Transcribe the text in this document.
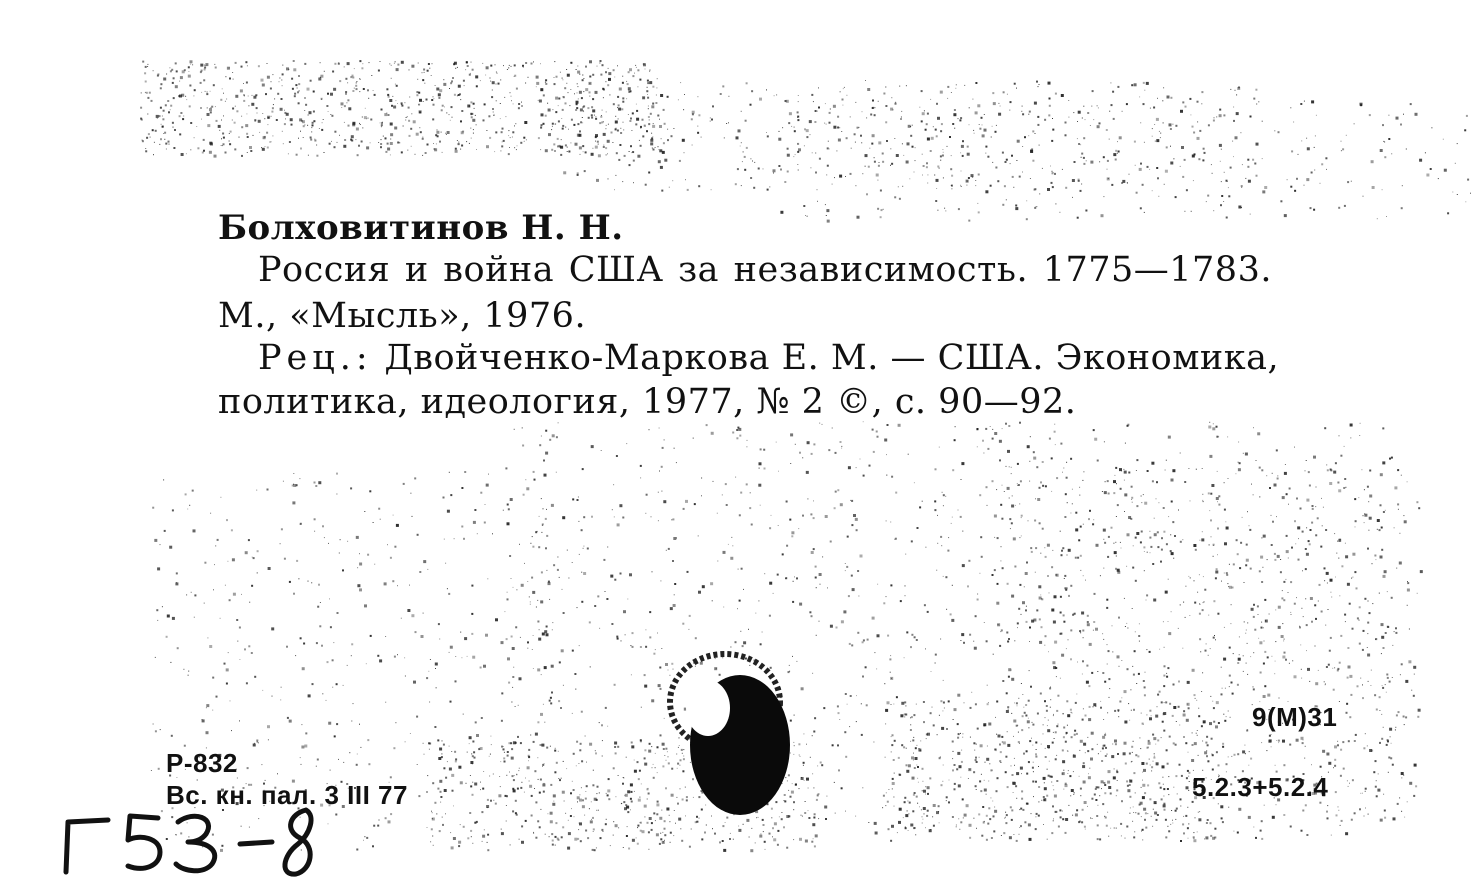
Болховитинов Н. Н.
Россия и война США за независимость. 1775—1783.
М., «Мысль», 1976.
Рец.: Двойченко-Маркова Е. М. — США. Экономика,
политика, идеология, 1977, № 2 ©, с. 90—92.
Р-832
Вс. кн. пал. 3 III 77
9(М)31
5.2.3+5.2.4
